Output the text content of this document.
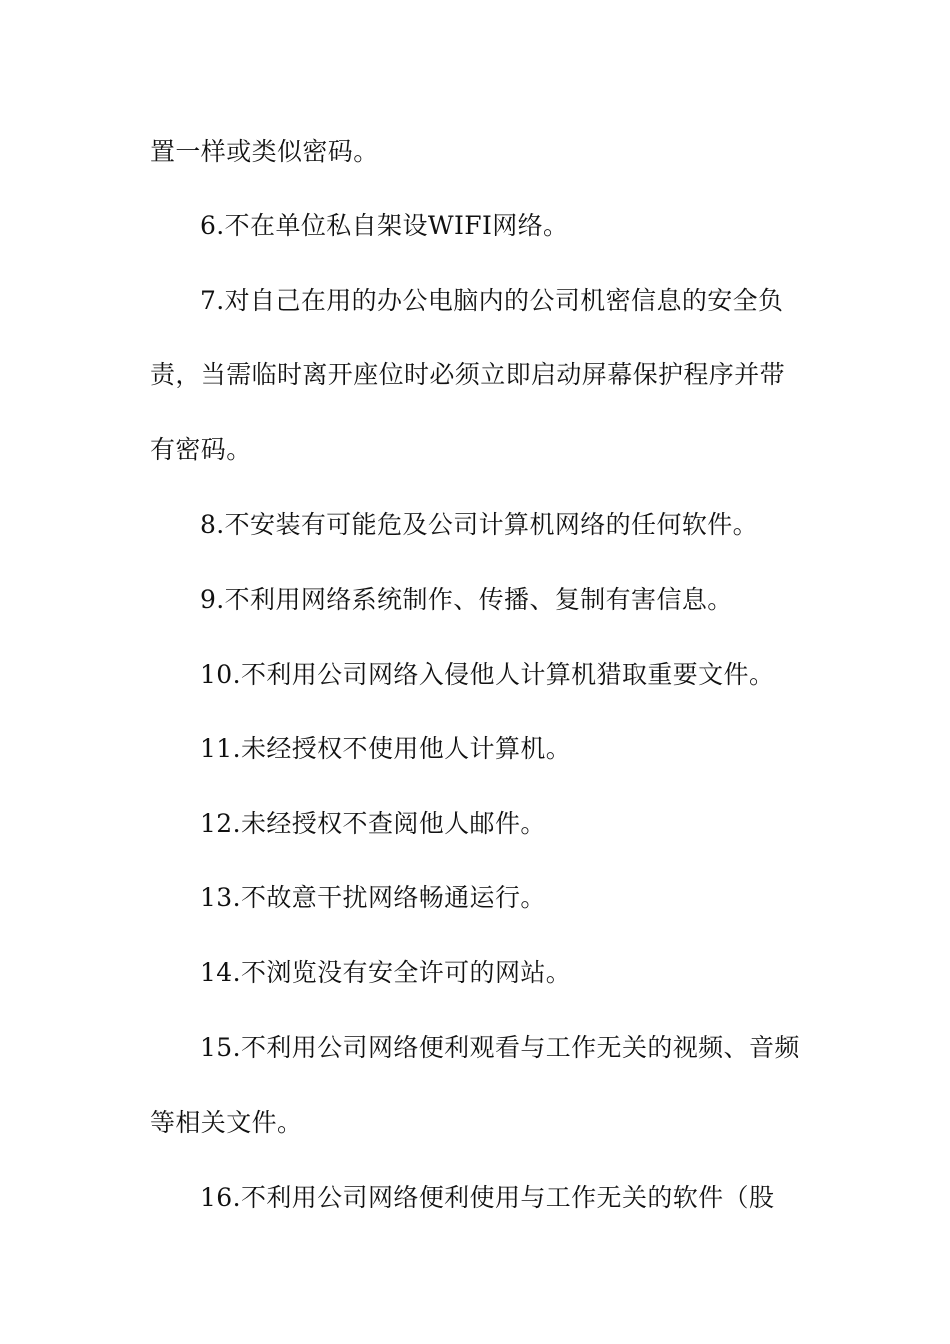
置一样或类似密码。
6.不在单位私自架设WIFI网络。
7.对自己在用的办公电脑内的公司机密信息的安全负
责，当需临时离开座位时必须立即启动屏幕保护程序并带
有密码。
8.不安装有可能危及公司计算机网络的任何软件。
9.不利用网络系统制作、传播、复制有害信息。
10.不利用公司网络入侵他人计算机猎取重要文件。
11.未经授权不使用他人计算机。
12.未经授权不查阅他人邮件。
13.不故意干扰网络畅通运行。
14.不浏览没有安全许可的网站。
15.不利用公司网络便利观看与工作无关的视频、音频
等相关文件。
16.不利用公司网络便利使用与工作无关的软件（股
